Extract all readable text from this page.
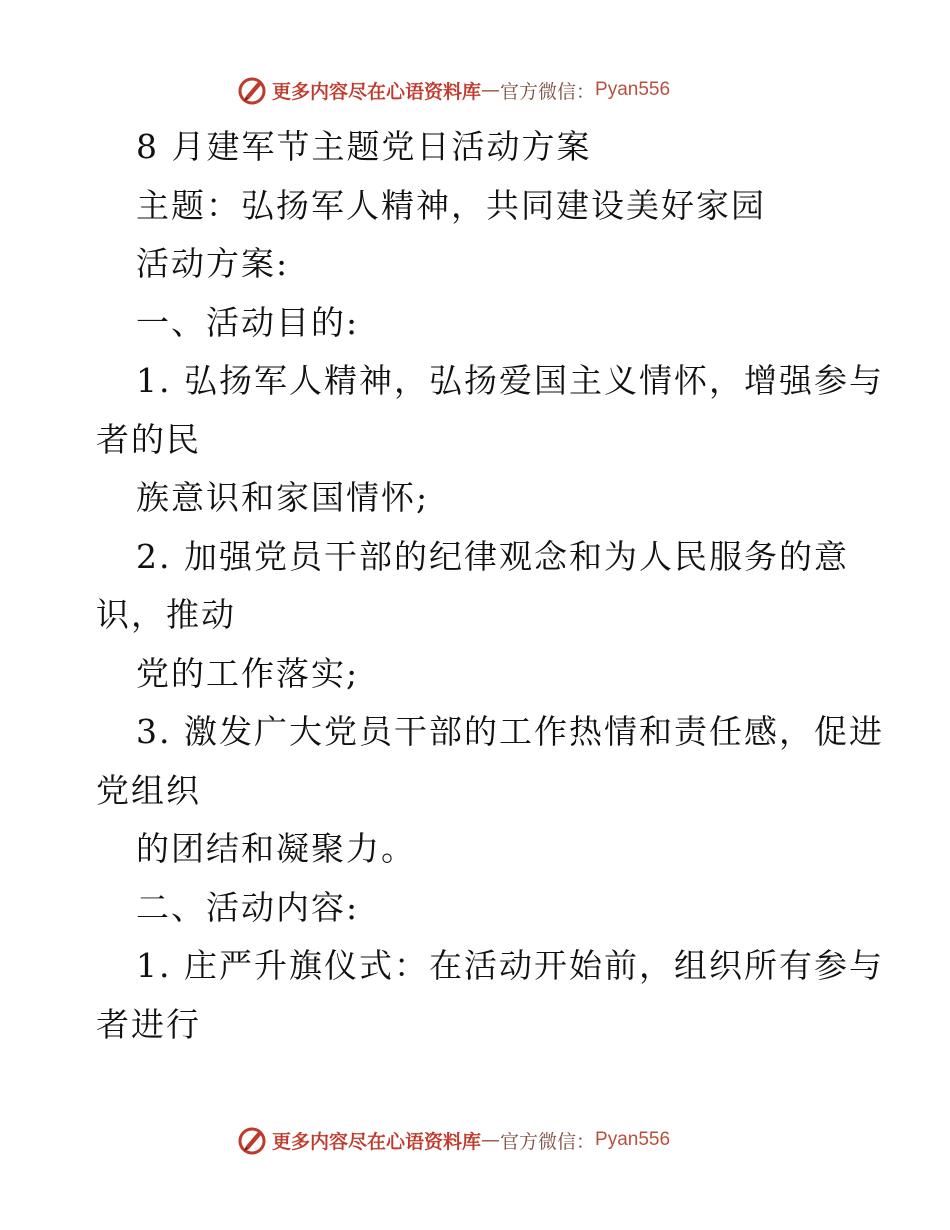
更多内容尽在心语资料库 — 官方微信： Pyan556
8 月建军节主题党日活动方案
主题：弘扬军人精神，共同建设美好家园
活动方案:
一、活动目的:
1. 弘扬军人精神，弘扬爱国主义情怀，增强参与
者的民
族意识和家国情怀;
2. 加强党员干部的纪律观念和为人民服务的意
识，推动
党的工作落实;
3. 激发广大党员干部的工作热情和责任感，促进
党组织
的团结和凝聚力。
二、活动内容:
1. 庄严升旗仪式：在活动开始前，组织所有参与
者进行
更多内容尽在心语资料库 — 官方微信： Pyan556
